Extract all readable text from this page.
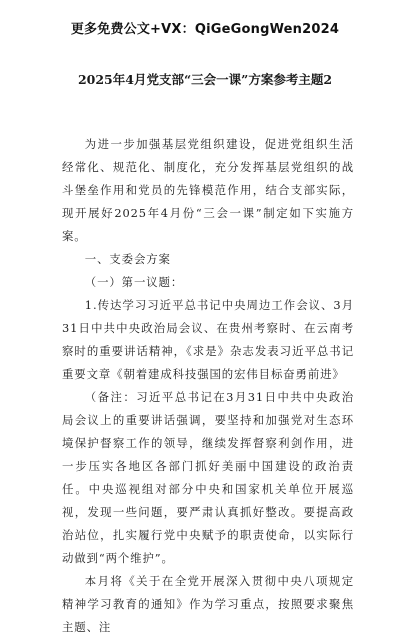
更多免费公文+VX：QiGeGongWen2024
2025年4月党支部“三会一课”方案参考主题2

为进一步加强基层党组织建设，促进党组织生活经常化、规范化、制度化，充分发挥基层党组织的战斗堡垒作用和党员的先锋模范作用，结合支部实际，现开展好2025年4月份“三会一课”制定如下实施方案。

一、支委会方案

（一）第一议题：

1.传达学习习近平总书记中央周边工作会议、3月31日中共中央政治局会议、在贵州考察时、在云南考察时的重要讲话精神，《求是》杂志发表习近平总书记重要文章《朝着建成科技强国的宏伟目标奋勇前进》

（备注：习近平总书记在3月31日中共中央政治局会议上的重要讲话强调，要坚持和加强党对生态环境保护督察工作的领导，继续发挥督察利剑作用，进一步压实各地区各部门抓好美丽中国建设的政治责任。中央巡视组对部分中央和国家机关单位开展巡视，发现一些问题，要严肃认真抓好整改。要提高政治站位，扎实履行党中央赋予的职责使命，以实际行动做到“两个维护”。

本月将《关于在全党开展深入贯彻中央八项规定精神学习教育的通知》作为学习重点，按照要求聚焦主题、注
